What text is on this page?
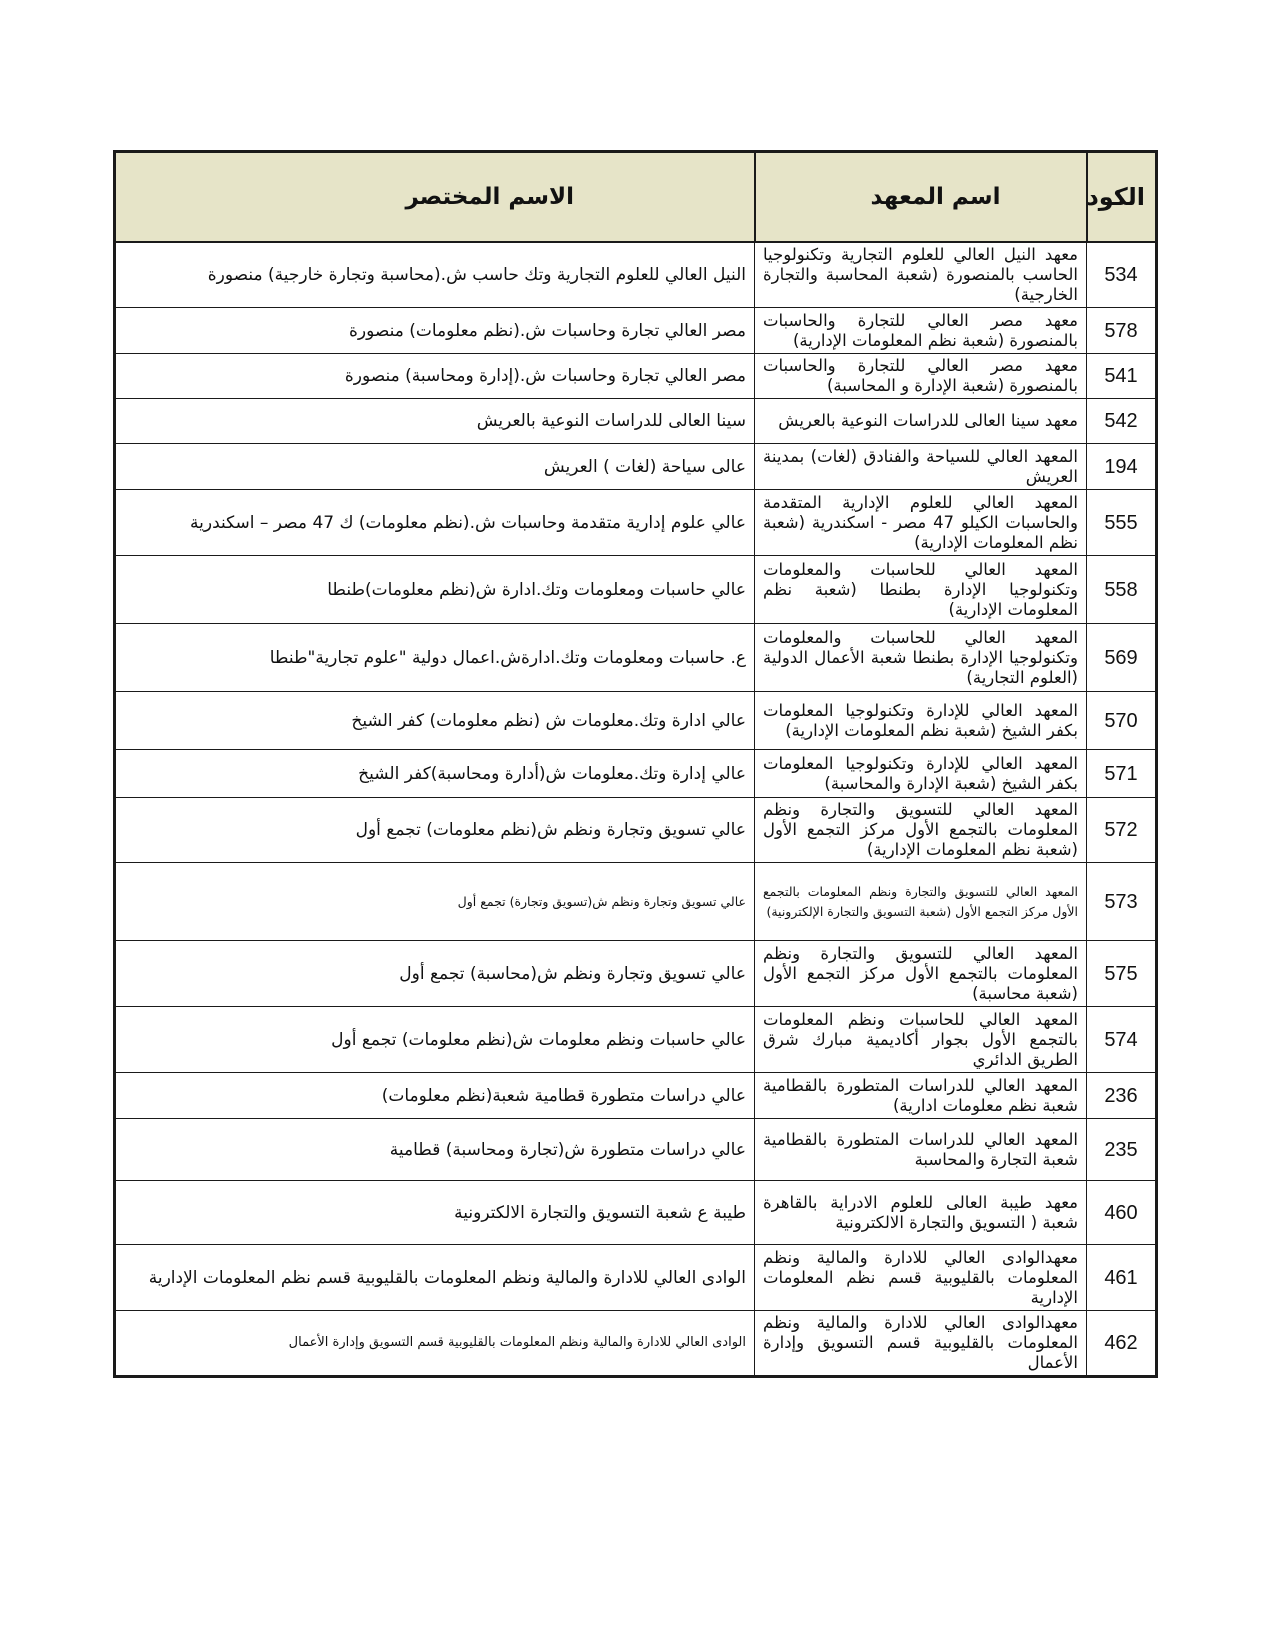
الكود	اسم المعهد	الاسم المختصر
534	معهد النيل العالي للعلوم التجارية وتكنولوجيا الحاسب بالمنصورة (شعبة المحاسبة والتجارة الخارجية)	النيل العالي للعلوم التجارية وتك حاسب ش.(محاسبة وتجارة خارجية) منصورة
578	معهد مصر العالي للتجارة والحاسبات بالمنصورة (شعبة نظم المعلومات الإدارية)	مصر العالي تجارة وحاسبات ش.(نظم معلومات) منصورة
541	معهد مصر العالي للتجارة والحاسبات بالمنصورة (شعبة الإدارة و المحاسبة)	مصر العالي تجارة وحاسبات ش.(إدارة ومحاسبة) منصورة
542	معهد سينا العالى للدراسات النوعية بالعريش	سينا العالى للدراسات النوعية بالعريش
194	المعهد العالي للسياحة والفنادق (لغات) بمدينة العريش	عالى سياحة (لغات ) العريش
555	المعهد العالي للعلوم الإدارية المتقدمة والحاسبات الكيلو 47 مصر - اسكندرية (شعبة نظم المعلومات الإدارية)	عالي علوم إدارية متقدمة وحاسبات ش.(نظم معلومات) ك 47 مصر – اسكندرية
558	المعهد العالي للحاسبات والمعلومات وتكنولوجيا الإدارة بطنطا (شعبة نظم المعلومات الإدارية)	عالي حاسبات ومعلومات وتك.ادارة ش(نظم معلومات)طنطا
569	المعهد العالي للحاسبات والمعلومات وتكنولوجيا الإدارة بطنطا شعبة الأعمال الدولية (العلوم التجارية)	ع. حاسبات ومعلومات وتك.ادارةش.اعمال دولية "علوم تجارية"طنطا
570	المعهد العالي للإدارة وتكنولوجيا المعلومات بكفر الشيخ (شعبة نظم المعلومات الإدارية)	عالي ادارة وتك.معلومات ش (نظم معلومات) كفر الشيخ
571	المعهد العالي للإدارة وتكنولوجيا المعلومات بكفر الشيخ (شعبة الإدارة والمحاسبة)	عالي إدارة وتك.معلومات ش(أدارة ومحاسبة)كفر الشيخ
572	المعهد العالي للتسويق والتجارة ونظم المعلومات بالتجمع الأول مركز التجمع الأول (شعبة نظم المعلومات الإدارية)	عالي تسويق وتجارة ونظم ش(نظم معلومات) تجمع أول
573	المعهد العالي للتسويق والتجارة ونظم المعلومات بالتجمع الأول مركز التجمع الأول (شعبة التسويق والتجارة الإلكترونية)	عالي تسويق وتجارة ونظم ش(تسويق وتجارة) تجمع أول
575	المعهد العالي للتسويق والتجارة ونظم المعلومات بالتجمع الأول مركز التجمع الأول (شعبة محاسبة)	عالي تسويق وتجارة ونظم ش(محاسبة) تجمع أول
574	المعهد العالي للحاسبات ونظم المعلومات بالتجمع الأول بجوار أكاديمية مبارك شرق الطريق الدائري	عالي حاسبات ونظم معلومات ش(نظم معلومات) تجمع أول
236	المعهد العالي للدراسات المتطورة بالقطامية شعبة نظم معلومات ادارية)	عالي دراسات متطورة قطامية شعبة(نظم معلومات)
235	المعهد العالي للدراسات المتطورة بالقطامية شعبة التجارة والمحاسبة	عالي دراسات متطورة ش(تجارة ومحاسبة) قطامية
460	معهد طيبة العالى للعلوم الادراية بالقاهرة شعبة ( التسويق والتجارة الالكترونية	طيبة ع شعبة التسويق والتجارة الالكترونية
461	معهدالوادى العالي للادارة والمالية ونظم المعلومات بالقليوبية قسم نظم المعلومات الإدارية	الوادى العالي للادارة والمالية ونظم المعلومات بالقليوبية قسم نظم المعلومات الإدارية
462	معهدالوادى العالي للادارة والمالية ونظم المعلومات بالقليوبية قسم التسويق وإدارة الأعمال	الوادى العالي للادارة والمالية ونظم المعلومات بالقليوبية قسم التسويق وإدارة الأعمال
